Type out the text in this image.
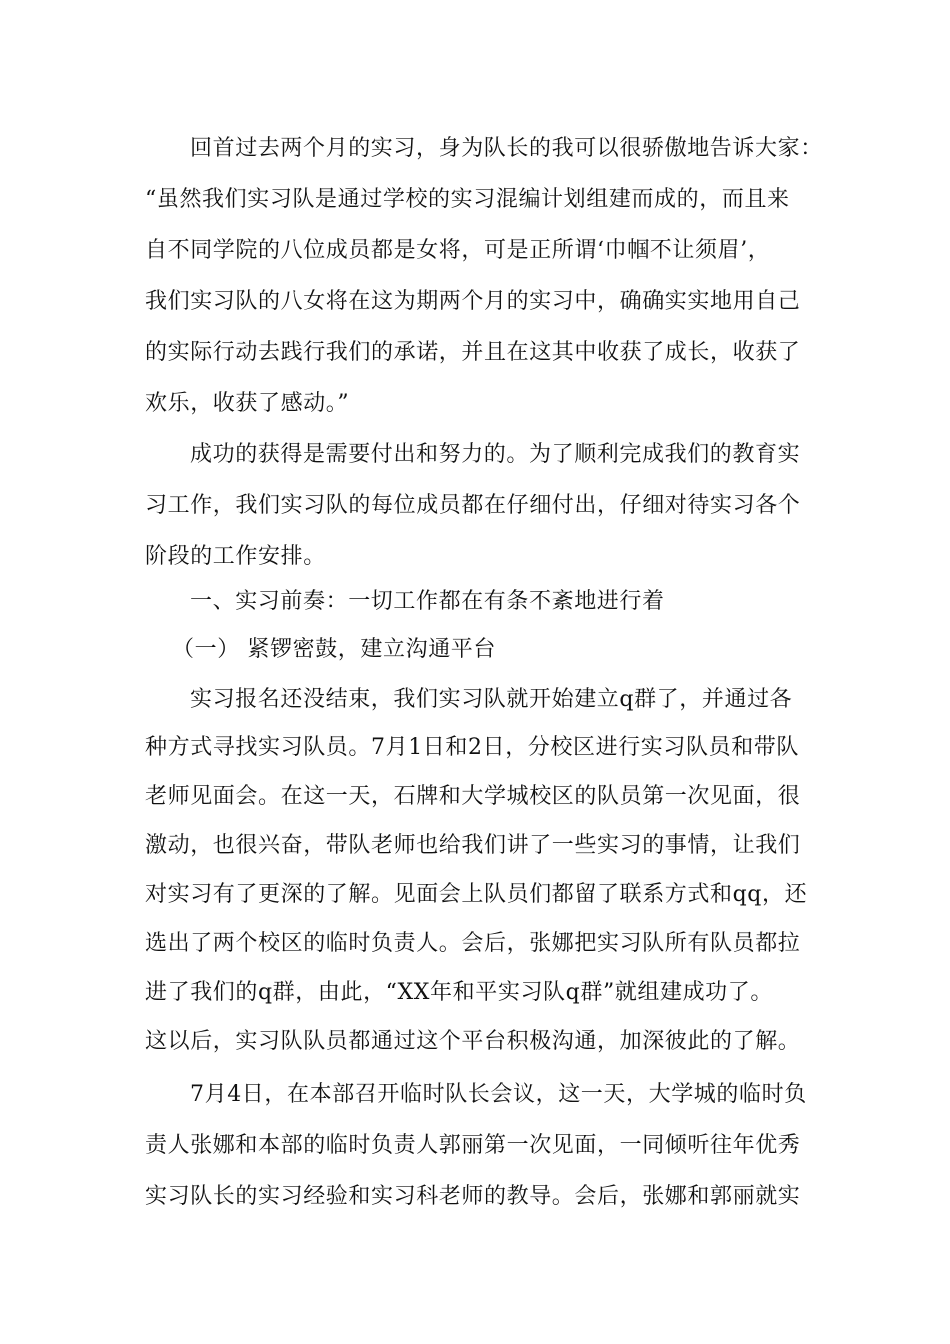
回首过去两个月的实习，身为队长的我可以很骄傲地告诉大家：
“虽然我们实习队是通过学校的实习混编计划组建而成的，而且来
自不同学院的八位成员都是女将，可是正所谓‘巾帼不让须眉’，
我们实习队的八女将在这为期两个月的实习中，确确实实地用自己
的实际行动去践行我们的承诺，并且在这其中收获了成长，收获了
欢乐，收获了感动。”
成功的获得是需要付出和努力的。为了顺利完成我们的教育实
习工作，我们实习队的每位成员都在仔细付出，仔细对待实习各个
阶段的工作安排。
一、实习前奏：一切工作都在有条不紊地进行着
（一） 紧锣密鼓，建立沟通平台
实习报名还没结束，我们实习队就开始建立q群了，并通过各
种方式寻找实习队员。7月1日和2日，分校区进行实习队员和带队
老师见面会。在这一天，石牌和大学城校区的队员第一次见面，很
激动，也很兴奋，带队老师也给我们讲了一些实习的事情，让我们
对实习有了更深的了解。见面会上队员们都留了联系方式和qq，还
选出了两个校区的临时负责人。会后，张娜把实习队所有队员都拉
进了我们的q群，由此，“XX年和平实习队q群”就组建成功了。
这以后，实习队队员都通过这个平台积极沟通，加深彼此的了解。
7月4日，在本部召开临时队长会议，这一天，大学城的临时负
责人张娜和本部的临时负责人郭丽第一次见面，一同倾听往年优秀
实习队长的实习经验和实习科老师的教导。会后，张娜和郭丽就实
